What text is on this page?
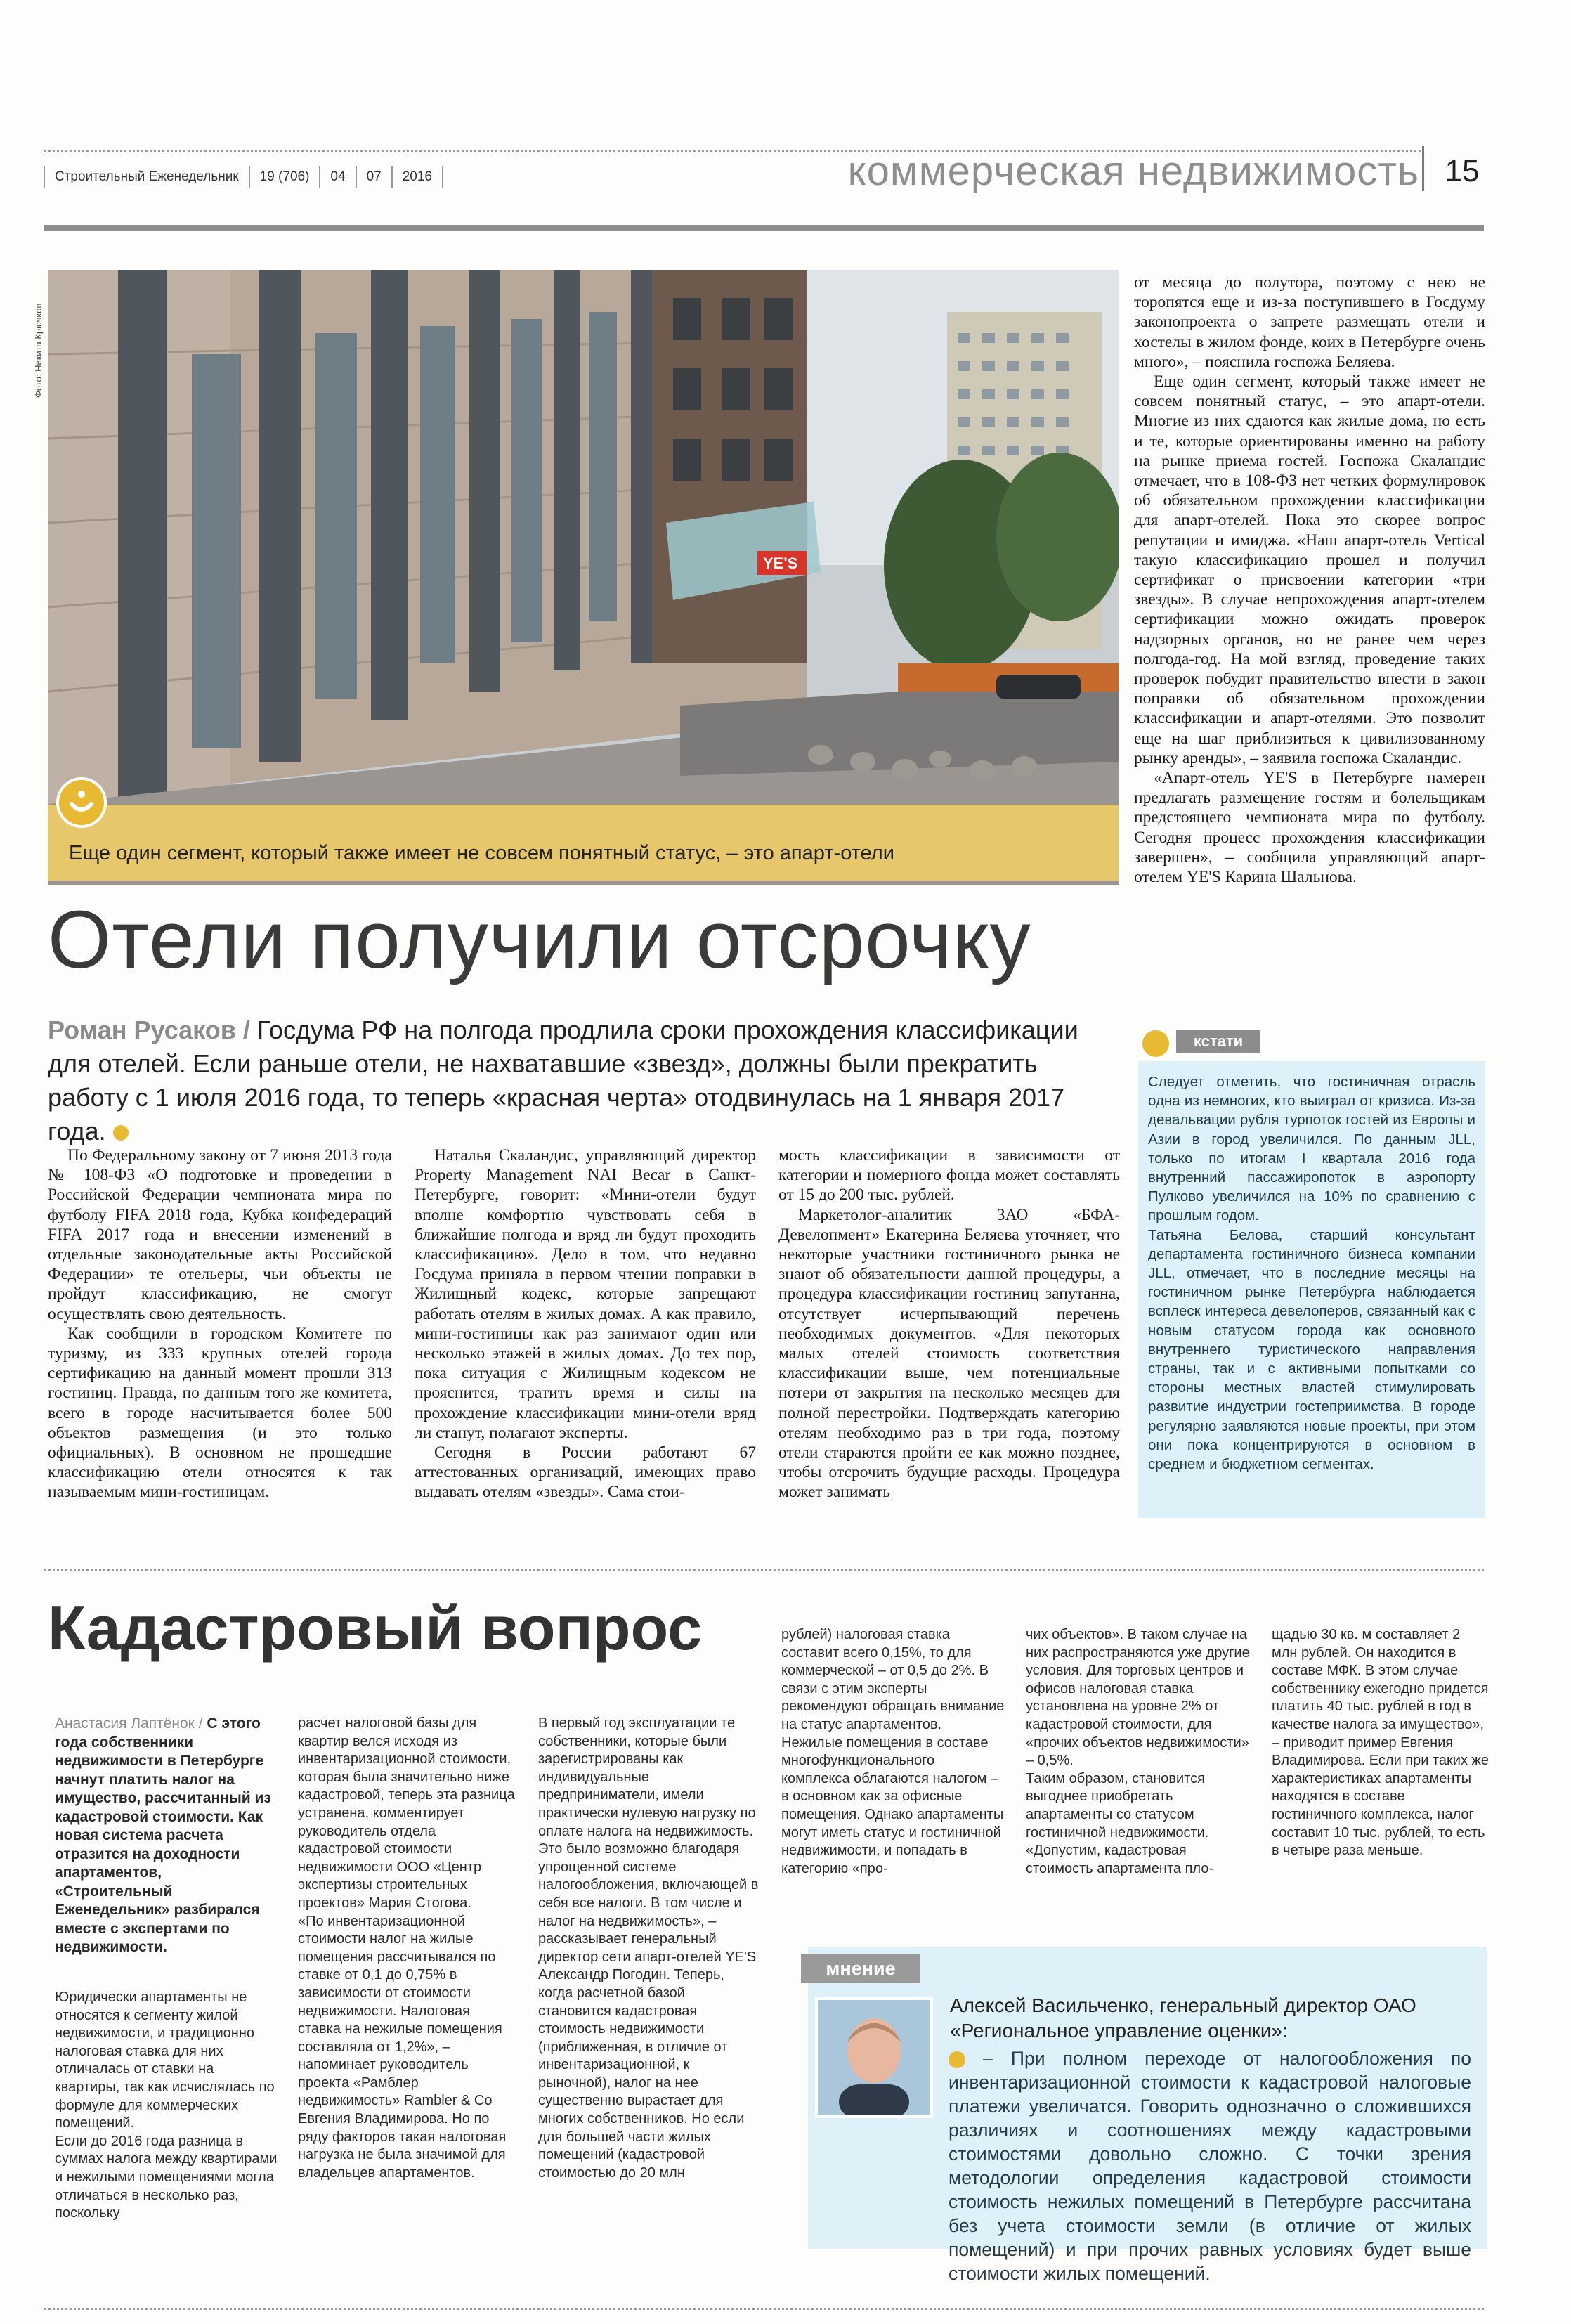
Строительный Еженедельник	19 (706)	04	07	2016	коммерческая недвижимость 15
Фото: Никита Крючков
YE'S
Еще один сегмент, который также имеет не совсем понятный статус, – это апарт-отели
Отели получили отсрочку
Роман Русаков / Госдума РФ на полгода продлила сроки прохождения классификации для отелей. Если раньше отели, не нахватавшие «звезд», должны были прекратить работу с 1 июля 2016 года, то теперь «красная черта» отодвинулась на 1 января 2017 года.

По Федеральному закону от 7 июня 2013 года № 108-ФЗ «О подготовке и проведении в Российской Федерации чемпионата мира по футболу FIFA 2018 года, Кубка конфедераций FIFA 2017 года и внесении изменений в отдельные законодательные акты Российской Федерации» те отельеры, чьи объекты не пройдут классификацию, не смогут осуществлять свою деятельность.

Как сообщили в городском Комитете по туризму, из 333 крупных отелей города сертификацию на данный момент прошли 313 гостиниц. Правда, по данным того же комитета, всего в городе насчитывается более 500 объектов размещения (и это только официальных). В основном не прошедшие классификацию отели относятся к так называемым мини-гостиницам.

Наталья Скаландис, управляющий директор Property Management NAI Becar в Санкт-Петербурге, говорит: «Мини-отели будут вполне комфортно чувствовать себя в ближайшие полгода и вряд ли будут проходить классификацию». Дело в том, что недавно Госдума приняла в первом чтении поправки в Жилищный кодекс, которые запрещают работать отелям в жилых домах. А как правило, мини-гостиницы как раз занимают один или несколько этажей в жилых домах. До тех пор, пока ситуация с Жилищным кодексом не прояснится, тратить время и силы на прохождение классификации мини-отели вряд ли станут, полагают эксперты.

Сегодня в России работают 67 аттестованных организаций, имеющих право выдавать отелям «звезды». Сама стои-

мость классификации в зависимости от категории и номерного фонда может составлять от 15 до 200 тыс. рублей.

Маркетолог-аналитик ЗАО «БФА-Девелопмент» Екатерина Беляева уточняет, что некоторые участники гостиничного рынка не знают об обязательности данной процедуры, а процедура классификации гостиниц запутанна, отсутствует исчерпывающий перечень необходимых документов. «Для некоторых малых отелей стоимость соответствия классификации выше, чем потенциальные потери от закрытия на несколько месяцев для полной перестройки. Подтверждать категорию отелям необходимо раз в три года, поэтому отели стараются пройти ее как можно позднее, чтобы отсрочить будущие расходы. Процедура может занимать

от месяца до полутора, поэтому с нею не торопятся еще и из-за поступившего в Госдуму законопроекта о запрете размещать отели и хостелы в жилом фонде, коих в Петербурге очень много», – пояснила госпожа Беляева.

Еще один сегмент, который также имеет не совсем понятный статус, – это апарт-отели. Многие из них сдаются как жилые дома, но есть и те, которые ориентированы именно на работу на рынке приема гостей. Госпожа Скаландис отмечает, что в 108-ФЗ нет четких формулировок об обязательном прохождении классификации для апарт-отелей. Пока это скорее вопрос репутации и имиджа. «Наш апарт-отель Vertical такую классификацию прошел и получил сертификат о присвоении категории «три звезды». В случае непрохождения апарт-отелем сертификации можно ожидать проверок надзорных органов, но не ранее чем через полгода-год. На мой взгляд, проведение таких проверок побудит правительство внести в закон поправки об обязательном прохождении классификации и апарт-отелями. Это позволит еще на шаг приблизиться к цивилизованному рынку аренды», – заявила госпожа Скаландис.

«Апарт-отель YE'S в Петербурге намерен предлагать размещение гостям и болельщикам предстоящего чемпионата мира по футболу. Сегодня процесс прохождения классификации завершен», – сообщила управляющий апарт-отелем YE'S Карина Шальнова.

кстати

Следует отметить, что гостиничная отрасль одна из немногих, кто выиграл от кризиса. Из-за девальвации рубля турпоток гостей из Европы и Азии в город увеличился. По данным JLL, только по итогам I квартала 2016 года внутренний пассажиропоток в аэропорту Пулково увеличился на 10% по сравнению с прошлым годом.

Татьяна Белова, старший консультант департамента гостиничного бизнеса компании JLL, отмечает, что в последние месяцы на гостиничном рынке Петербурга наблюдается всплеск интереса девелоперов, связанный как с новым статусом города как основного внутреннего туристического направления страны, так и с активными попытками со стороны местных властей стимулировать развитие индустрии гостеприимства. В городе регулярно заявляются новые проекты, при этом они пока концентрируются в основном в среднем и бюджетном сегментах.

Кадастровый вопрос
Анастасия Лаптёнок / С этого года собственники недвижимости в Петербурге начнут платить налог на имущество, рассчитанный из кадастровой стоимости. Как новая система расчета отразится на доходности апартаментов, «Строительный Еженедельник» разбирался вместе с экспертами по недвижимости.

Юридически апартаменты не относятся к сегменту жилой недвижимости, и традиционно налоговая ставка для них отличалась от ставки на квартиры, так как исчислялась по формуле для коммерческих помещений.

Если до 2016 года разница в суммах налога между квартирами и нежилыми помещениями могла отличаться в несколько раз, поскольку

расчет налоговой базы для квартир велся исходя из инвентаризационной стоимости, которая была значительно ниже кадастровой, теперь эта разница устранена, комментирует руководитель отдела кадастровой стоимости недвижимости ООО «Центр экспертизы строительных проектов» Мария Стогова.

«По инвентаризационной стоимости налог на жилые помещения рассчитывался по ставке от 0,1 до 0,75% в зависимости от стоимости недвижимости. Налоговая ставка на нежилые помещения составляла от 1,2%», – напоминает руководитель проекта «Рамблер недвижимость» Rambler & Co Евгения Владимирова. Но по ряду факторов такая налоговая нагрузка не была значимой для владельцев апартаментов.

В первый год эксплуатации те собственники, которые были зарегистрированы как индивидуальные предприниматели, имели практически нулевую нагрузку по оплате налога на недвижимость. Это было возможно благодаря упрощенной системе налогообложения, включающей в себя все налоги. В том числе и налог на недвижимость», – рассказывает генеральный директор сети апарт-отелей YE'S Александр Погодин. Теперь, когда расчетной базой становится кадастровая стоимость недвижимости (приближенная, в отличие от инвентаризационной, к рыночной), налог на нее существенно вырастает для многих собственников. Но если для большей части жилых помещений (кадастровой стоимостью до 20 млн

рублей) налоговая ставка составит всего 0,15%, то для коммерческой – от 0,5 до 2%. В связи с этим эксперты рекомендуют обращать внимание на статус апартаментов. Нежилые помещения в составе многофункционального комплекса облагаются налогом – в основном как за офисные помещения. Однако апартаменты могут иметь статус и гостиничной недвижимости, и попадать в категорию «про-

чих объектов». В таком случае на них распространяются уже другие условия. Для торговых центров и офисов налоговая ставка установлена на уровне 2% от кадастровой стоимости, для «прочих объектов недвижимости» – 0,5%.

Таким образом, становится выгоднее приобретать апартаменты со статусом гостиничной недвижимости.

«Допустим, кадастровая стоимость апартамента пло-

щадью 30 кв. м составляет 2 млн рублей. Он находится в составе МФК. В этом случае собственнику ежегодно придется платить 40 тыс. рублей в год в качестве налога за имущество», – приводит пример Евгения Владимирова. Если при таких же характеристиках апартаменты находятся в составе гостиничного комплекса, налог составит 10 тыс. рублей, то есть в четыре раза меньше.

мнение
Алексей Васильченко, генеральный директор ОАО «Региональное управление оценки»:
– При полном переходе от налогообложения по инвентаризационной стоимости к кадастровой налоговые платежи увеличатся. Говорить однозначно о сложившихся различиях и соотношениях между кадастровыми стоимостями довольно сложно. С точки зрения методологии определения кадастровой стоимости стоимость нежилых помещений в Петербурге рассчитана без учета стоимости земли (в отличие от жилых помещений) и при прочих равных условиях будет выше стоимости жилых помещений.
